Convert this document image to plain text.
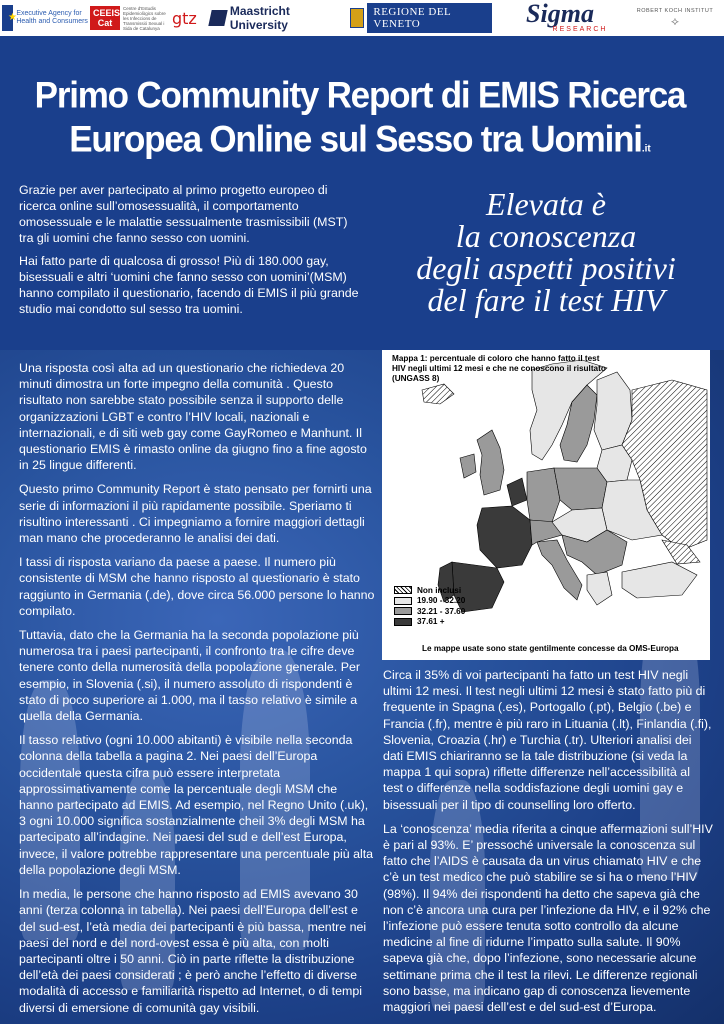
★
Executive Agency for Health and Consumers
CEEIS Cat
Centre d'Estudis Epidemiològics sobre les Infeccions de Transmissió Sexual i Sida de Catalunya
gtz	Maastricht University
REGIONE DEL VENETO	Sigma
RESEARCH
ROBERT KOCH INSTITUT
⟡
Primo Community Report di EMIS Ricerca
Europea Online sul Sesso tra Uomini.it

Grazie per aver partecipato al primo progetto europeo di ricerca online sull’omosessualità, il comportamento omosessuale e le malattie sessualmente trasmissibili (MST) tra gli uomini che fanno sesso con uomini.

Hai fatto parte di qualcosa di grosso! Più di 180.000 gay, bisessuali e altri ‘uomini che fanno sesso con uomini’(MSM) hanno compilato il questionario, facendo di EMIS il più grande studio mai condotto sul sesso tra uomini.

Elevata è
la conoscenza
degli aspetti positivi
del fare il test HIV

Una risposta così alta ad un questionario che richiedeva 20 minuti dimostra un forte impegno della comunità . Questo risultato non sarebbe stato possibile senza il supporto delle organizzazioni LGBT e contro l’HIV locali, nazionali e internazionali, e di siti web gay come GayRomeo e Manhunt. Il questionario EMIS è rimasto online da giugno fino a fine agosto in 25 lingue differenti.

Questo primo Community Report è stato pensato per fornirti una serie di informazioni il più rapidamente possibile. Speriamo ti risultino interessanti . Ci impegniamo a fornire maggiori dettagli man mano che procederanno le analisi dei dati.

I tassi di risposta variano da paese a paese. Il numero più consistente di MSM che hanno risposto al questionario è stato raggiunto in Germania (.de), dove circa 56.000 persone lo hanno compilato.

Tuttavia, dato che la Germania ha la seconda popolazione più numerosa tra i paesi partecipanti, il confronto tra le cifre deve tenere conto della numerosità della popolazione generale. Per esempio, in Slovenia (.si), il numero assoluto di rispondenti è stato di poco superiore ai 1.000, ma il tasso relativo è simile a quella della Germania.

Il tasso relativo (ogni 10.000 abitanti) è visibile nella seconda colonna della tabella a pagina 2. Nei paesi dell’Europa occidentale questa cifra può essere interpretata approssimativamente come la percentuale degli MSM che hanno partecipato ad EMIS. Ad esempio, nel Regno Unito (.uk), 3 ogni 10.000 significa sostanzialmente cheil 3% degli MSM ha partecipato all’indagine. Nei paesi del sud e dell’est Europa, invece, il valore potrebbe rappresentare una percentuale più alta della popolazione degli MSM.

In media, le persone che hanno risposto ad EMIS avevano 30 anni (terza colonna in tabella). Nei paesi dell’Europa dell’est e del sud-est, l’età media dei partecipanti è più bassa, mentre nei paesi del nord e del nord-ovest essa è più alta, con molti partecipanti oltre i 50 anni. Ciò in parte riflette la distribuzione dell’età dei paesi considerati ; è però anche l’effetto di diverse modalità di accesso e familiarità rispetto ad Internet, o di tempi diversi di emersione di comunità gay visibili.

Mappa 1: percentuale di coloro che hanno fatto il test HIV negli ultimi 12 mesi e che ne conoscono il risultato (UNGASS 8)
Non inclusi
19.90 - 32.20
32.21 - 37.60
37.61 +
Le mappe usate sono state gentilmente concesse da OMS-Europa

Circa il 35% di voi partecipanti ha fatto un test HIV negli ultimi 12 mesi. Il test negli ultimi 12 mesi è stato fatto più di frequente in Spagna (.es), Portogallo (.pt), Belgio (.be) e Francia (.fr), mentre è più raro in Lituania (.lt), Finlandia (.fi), Slovenia, Croazia (.hr) e Turchia (.tr). Ulteriori analisi dei dati EMIS chiariranno se la tale distribuzione (si veda la mappa 1 qui sopra) riflette differenze nell’accessibilità al test o differenze nella soddisfazione degli uomini gay e bisessuali per il tipo di counselling loro offerto.

La ‘conoscenza’ media riferita a cinque affermazioni sull’HIV è pari al 93%. E’ pressoché universale la conoscenza sul fatto che l’AIDS è causata da un virus chiamato HIV e che c’è un test medico che può stabilire se si ha o meno l’HIV (98%). Il 94% dei rispondenti ha detto che sapeva già che non c’è ancora una cura per l’infezione da HIV, e il 92% che l’infezione può essere tenuta sotto controllo da alcune medicine al fine di ridurne l’impatto sulla salute. Il 90% sapeva già che, dopo l’infezione, sono necessarie alcune settimane prima che il test la rilevi. Le differenze regionali sono basse, ma indicano gap di conoscenza lievemente maggiori nei paesi dell’est e del sud-est d’Europa.
